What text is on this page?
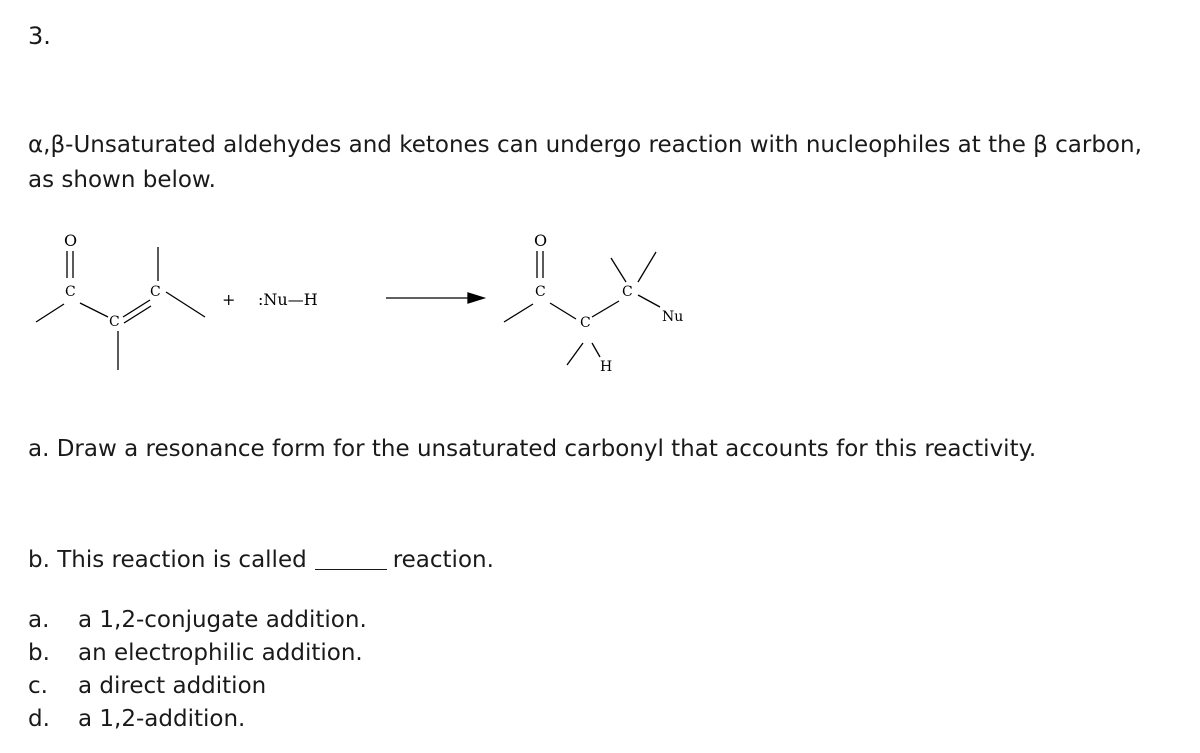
3.
α,β-Unsaturated aldehydes and ketones can undergo reaction with nucleophiles at the β carbon, as shown below.
O
C
C
C	+ :Nu—H
O
C
C
H
C
Nu
a. Draw a resonance form for the unsaturated carbonyl that accounts for this reactivity.
b. This reaction is called	reaction.
a. a 1,2-conjugate addition.
b. an electrophilic addition.
c. a direct addition
d. a 1,2-addition.
